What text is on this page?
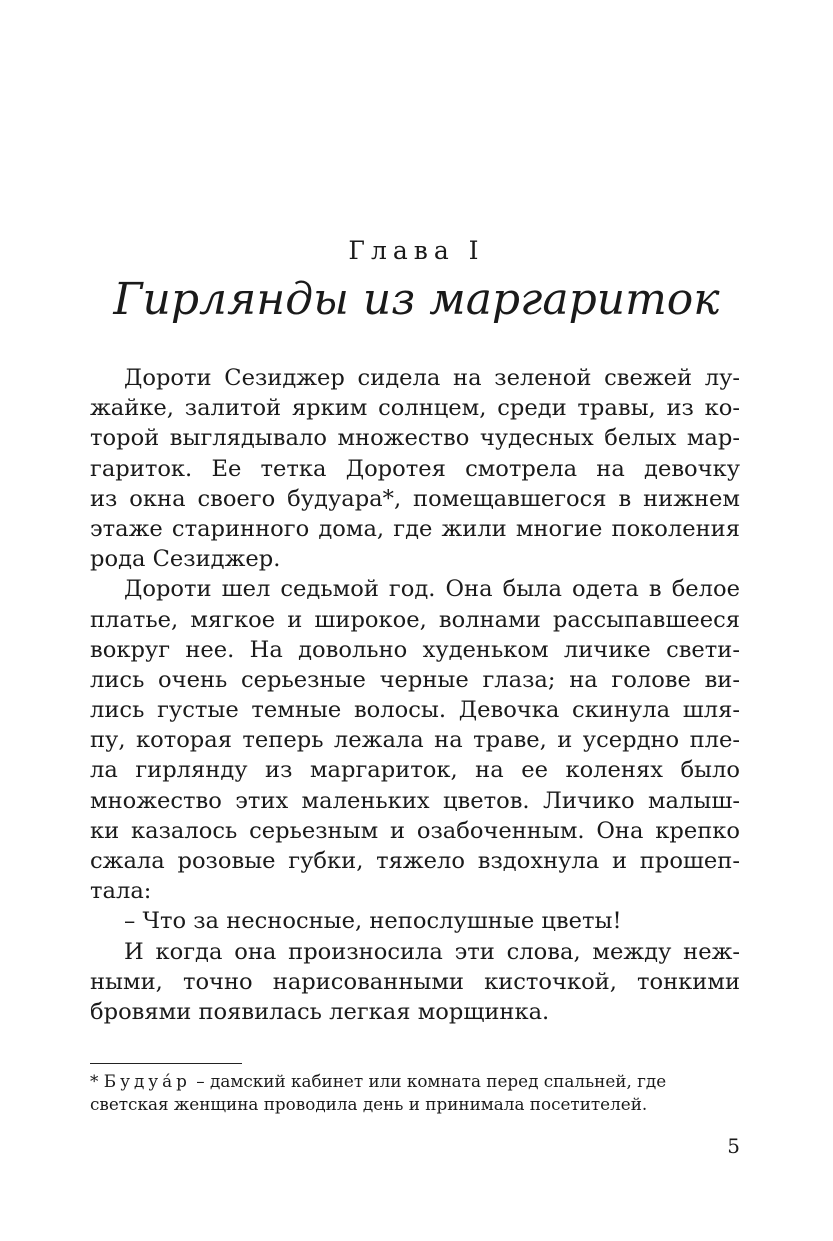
Глава I
Гирлянды из маргариток
Дороти Сезиджер сидела на зеленой свежей лу-
жайке, залитой ярким солнцем, среди травы, из ко-
торой выглядывало множество чудесных белых мар-
гариток. Ее тетка Доротея смотрела на девочку
из окна своего будуара*, помещавшегося в нижнем
этаже старинного дома, где жили многие поколения
рода Сезиджер.
Дороти шел седьмой год. Она была одета в белое
платье, мягкое и широкое, волнами рассыпавшееся
вокруг нее. На довольно худеньком личике свети-
лись очень серьезные черные глаза; на голове ви-
лись густые темные волосы. Девочка скинула шля-
пу, которая теперь лежала на траве, и усердно пле-
ла гирлянду из маргариток, на ее коленях было
множество этих маленьких цветов. Личико малыш-
ки казалось серьезным и озабоченным. Она крепко
сжала розовые губки, тяжело вздохнула и прошеп-
тала:
– Что за несносные, непослушные цветы!
И когда она произносила эти слова, между неж-
ными, точно нарисованными кисточкой, тонкими
бровями появилась легкая морщинка.
* Будуа́р – дамский кабинет или комната перед спальней, где
светская женщина проводила день и принимала посетителей.
5
